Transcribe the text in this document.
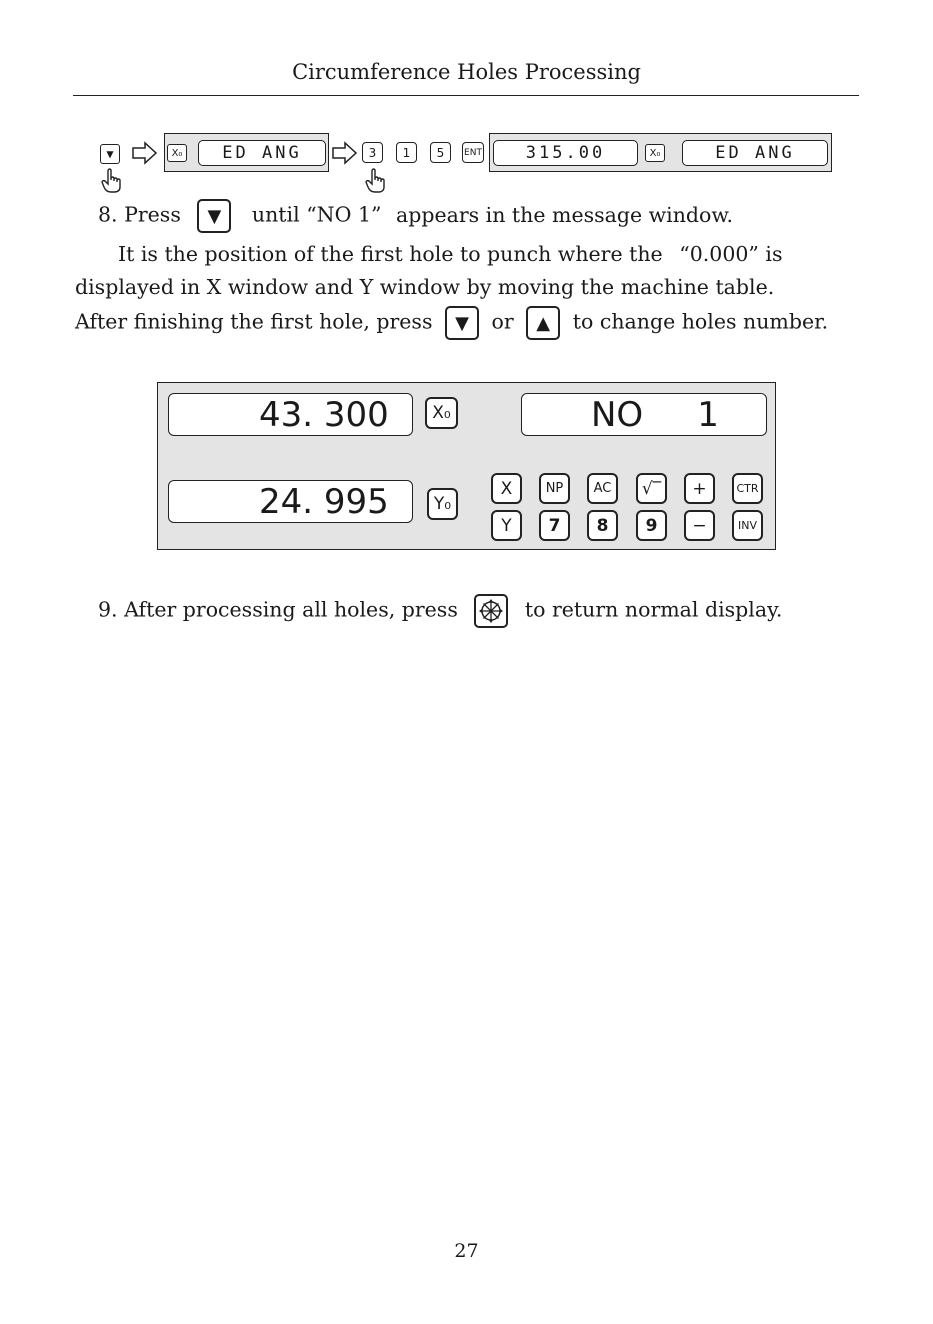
Circumference Holes Processing
▼	X₀	ED ANG	3	1	5	ENT	315.00	X₀	ED ANG
8. Press ▼ until “NO 1” appears in the message window.
It is the position of the first hole to punch where the “0.000” is
displayed in X window and Y window by moving the machine table.
After finishing the first hole, press ▼ or ▲ to change holes number.
43. 300	X₀	NO     1
24. 995	Y₀
X	NP	AC	√‾	+	CTR
Y	7	8	9	−	INV
9. After processing all holes, press	to return normal display.
27
